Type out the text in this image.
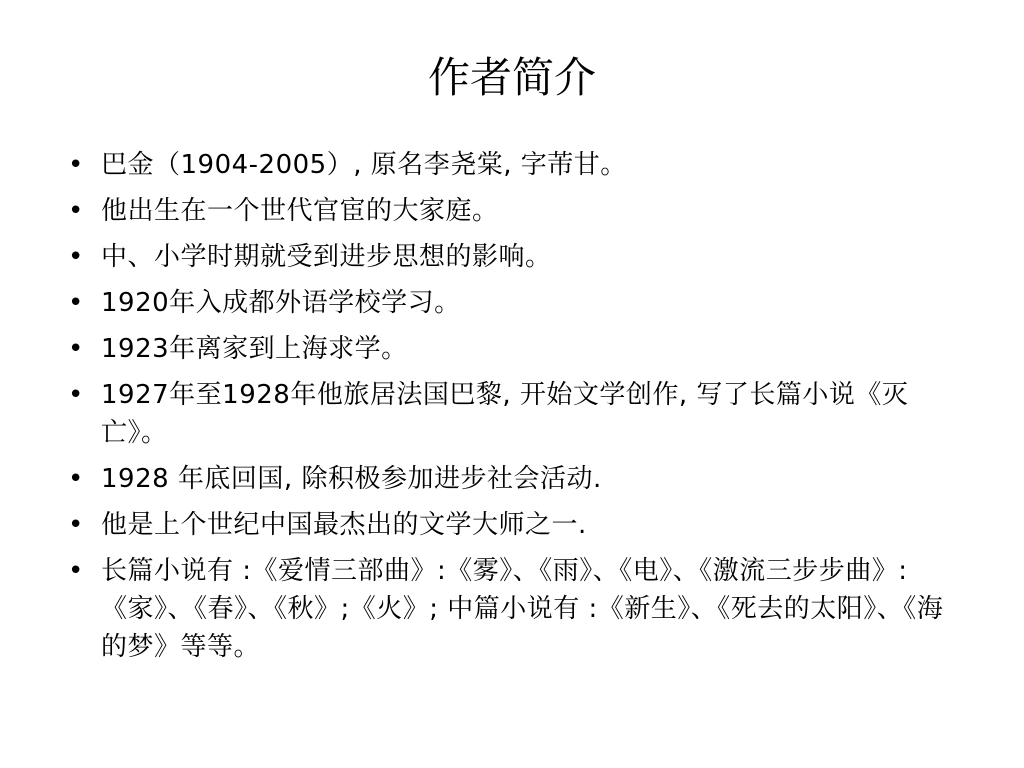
作者简介
• 巴金（1904-2005）, 原名李尧棠, 字芾甘。
• 他出生在一个世代官宦的大家庭。
• 中、小学时期就受到进步思想的影响。
• 1920年入成都外语学校学习。
• 1923年离家到上海求学。
• 1927年至1928年他旅居法国巴黎, 开始文学创作, 写了长篇小说《灭亡》。
• 1928 年底回国, 除积极参加进步社会活动.
• 他是上个世纪中国最杰出的文学大师之一.
• 长篇小说有 :《爱情三部曲》:《雾》、《雨》、《电》、《激流三步步曲》:《家》、《春》、《秋》;《火》; 中篇小说有 :《新生》、《死去的太阳》、《海的梦》等等。
